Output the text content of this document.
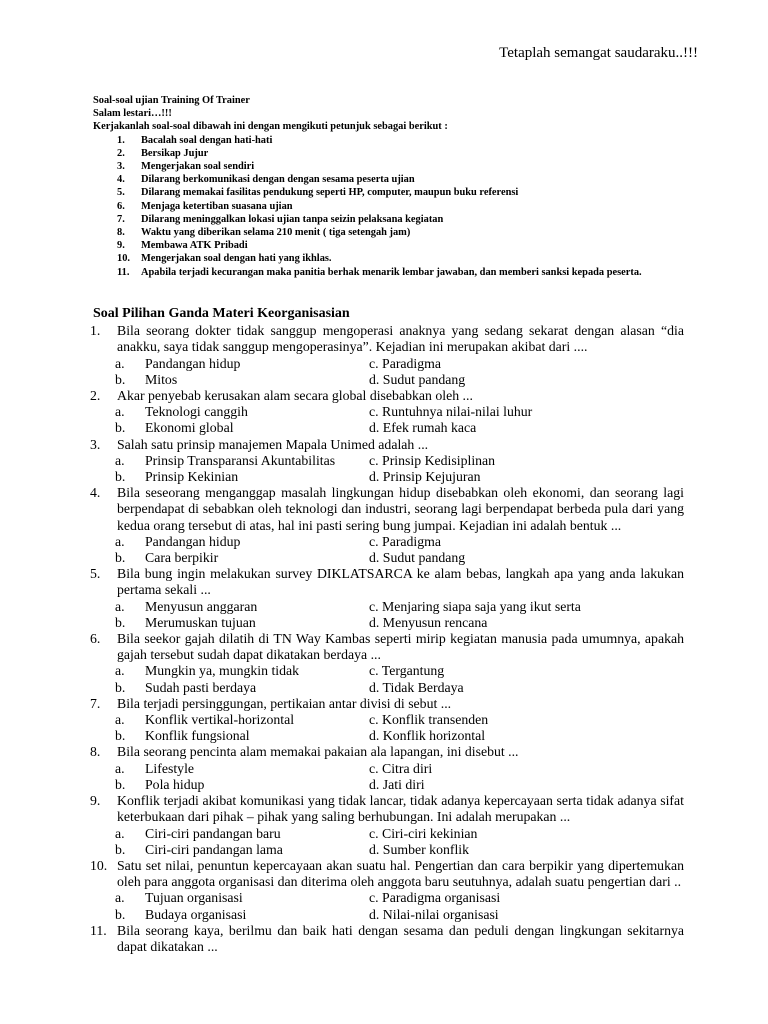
Tetaplah semangat saudaraku..!!!
Soal-soal ujian Training Of Trainer
Salam lestari…!!!
Kerjakanlah soal-soal dibawah ini dengan mengikuti petunjuk sebagai berikut :
1.	Bacalah soal dengan hati-hati
2.	Bersikap Jujur
3.	Mengerjakan soal sendiri
4.	Dilarang berkomunikasi dengan dengan sesama peserta ujian
5.	Dilarang memakai fasilitas pendukung seperti HP, computer, maupun buku referensi
6.	Menjaga ketertiban suasana ujian
7.	Dilarang meninggalkan lokasi ujian tanpa seizin pelaksana kegiatan
8.	Waktu yang diberikan selama 210 menit ( tiga setengah jam)
9.	Membawa ATK Pribadi
10.	Mengerjakan soal dengan hati yang ikhlas.
11.	Apabila terjadi kecurangan maka panitia berhak menarik lembar jawaban, dan memberi sanksi kepada peserta.
Soal Pilihan Ganda Materi Keorganisasian
1.	Bila seorang dokter tidak sanggup mengoperasi anaknya yang sedang sekarat dengan alasan “dia anakku, saya tidak sanggup mengoperasinya”. Kejadian ini merupakan akibat dari ....
a.	Pandangan hidup	c. Paradigma
b.	Mitos	d. Sudut pandang
2.	Akar penyebab kerusakan alam secara global disebabkan oleh ...
a.	Teknologi canggih	c. Runtuhnya nilai-nilai luhur
b.	Ekonomi global	d. Efek rumah kaca
3.	Salah satu prinsip manajemen Mapala Unimed adalah ...
a.	Prinsip Transparansi Akuntabilitas c. Prinsip Kedisiplinan
b.	Prinsip Kekinian	d. Prinsip Kejujuran
4.	Bila seseorang menganggap masalah lingkungan hidup disebabkan oleh ekonomi, dan seorang lagi berpendapat di sebabkan oleh teknologi dan industri, seorang lagi berpendapat berbeda pula dari yang kedua orang tersebut di atas, hal ini pasti sering bung jumpai. Kejadian ini adalah bentuk ...
a.	Pandangan hidup	c. Paradigma
b.	Cara berpikir	d. Sudut pandang
5.	Bila bung ingin melakukan survey DIKLATSARCA ke alam bebas, langkah apa yang anda lakukan pertama sekali ...
a.	Menyusun anggaran	c. Menjaring siapa saja yang ikut serta
b.	Merumuskan tujuan	d. Menyusun rencana
6.	Bila seekor gajah dilatih di TN Way Kambas seperti mirip kegiatan manusia pada umumnya, apakah gajah tersebut sudah dapat dikatakan berdaya ...
a.	Mungkin ya, mungkin tidak	c. Tergantung
b.	Sudah pasti berdaya	d. Tidak Berdaya
7.	Bila terjadi persinggungan, pertikaian antar divisi di sebut ...
a.	Konflik vertikal-horizontal	c. Konflik transenden
b.	Konflik fungsional	d. Konflik horizontal
8.	Bila seorang pencinta alam memakai pakaian ala lapangan, ini disebut ...
a.	Lifestyle	c. Citra diri
b.	Pola hidup	d. Jati diri
9.	Konflik terjadi akibat komunikasi yang tidak lancar, tidak adanya kepercayaan serta tidak adanya sifat keterbukaan dari pihak – pihak yang saling berhubungan. Ini adalah merupakan ...
a.	Ciri-ciri pandangan baru	c. Ciri-ciri kekinian
b.	Ciri-ciri pandangan lama	d. Sumber konflik
10. Satu set nilai, penuntun kepercayaan akan suatu hal. Pengertian dan cara berpikir yang dipertemukan oleh para anggota organisasi dan diterima oleh anggota baru seutuhnya, adalah suatu pengertian dari ..
a.	Tujuan organisasi	c. Paradigma organisasi
b.	Budaya organisasi	d. Nilai-nilai organisasi
11. Bila seorang kaya, berilmu dan baik hati dengan sesama dan peduli dengan lingkungan sekitarnya dapat dikatakan ...
